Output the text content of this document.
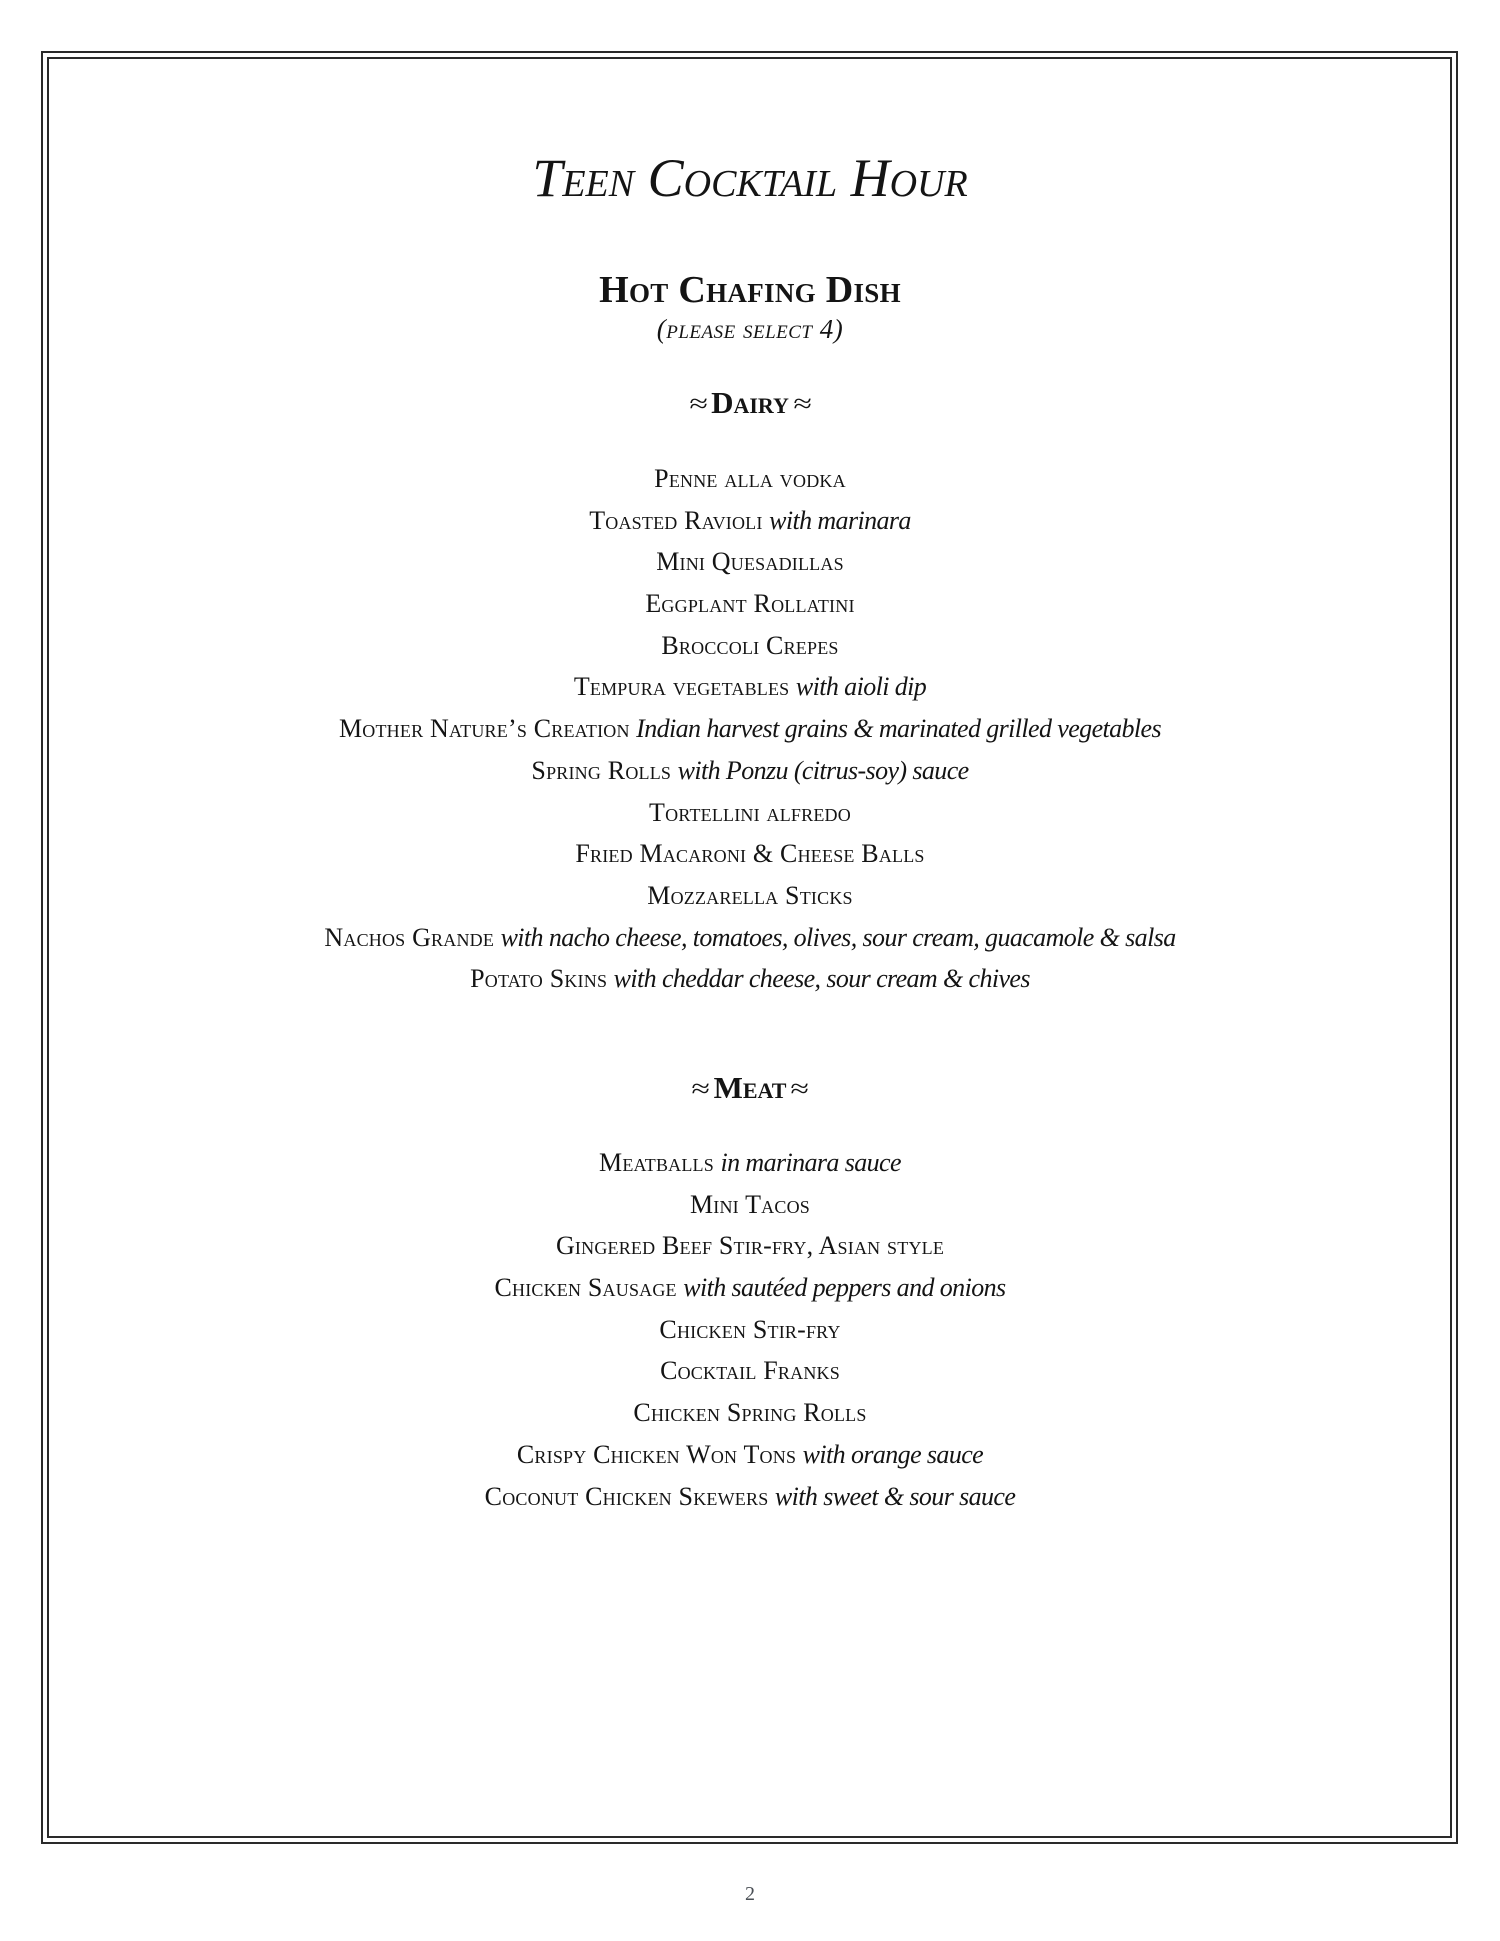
Teen Cocktail Hour
Hot Chafing Dish
(please select 4)
≈ Dairy ≈
Penne alla vodka
Toasted Ravioli with marinara
Mini Quesadillas
Eggplant Rollatini
Broccoli Crepes
Tempura vegetables with aioli dip
Mother Nature’s Creation Indian harvest grains & marinated grilled vegetables
Spring Rolls with Ponzu (citrus-soy) sauce
Tortellini alfredo
Fried Macaroni & Cheese Balls
Mozzarella Sticks
Nachos Grande with nacho cheese, tomatoes, olives, sour cream, guacamole & salsa
Potato Skins with cheddar cheese, sour cream & chives
≈ Meat ≈
Meatballs in marinara sauce
Mini Tacos
Gingered Beef Stir-fry, Asian style
Chicken Sausage with sautéed peppers and onions
Chicken Stir-fry
Cocktail Franks
Chicken Spring Rolls
Crispy Chicken Won Tons with orange sauce
Coconut Chicken Skewers with sweet & sour sauce
2
